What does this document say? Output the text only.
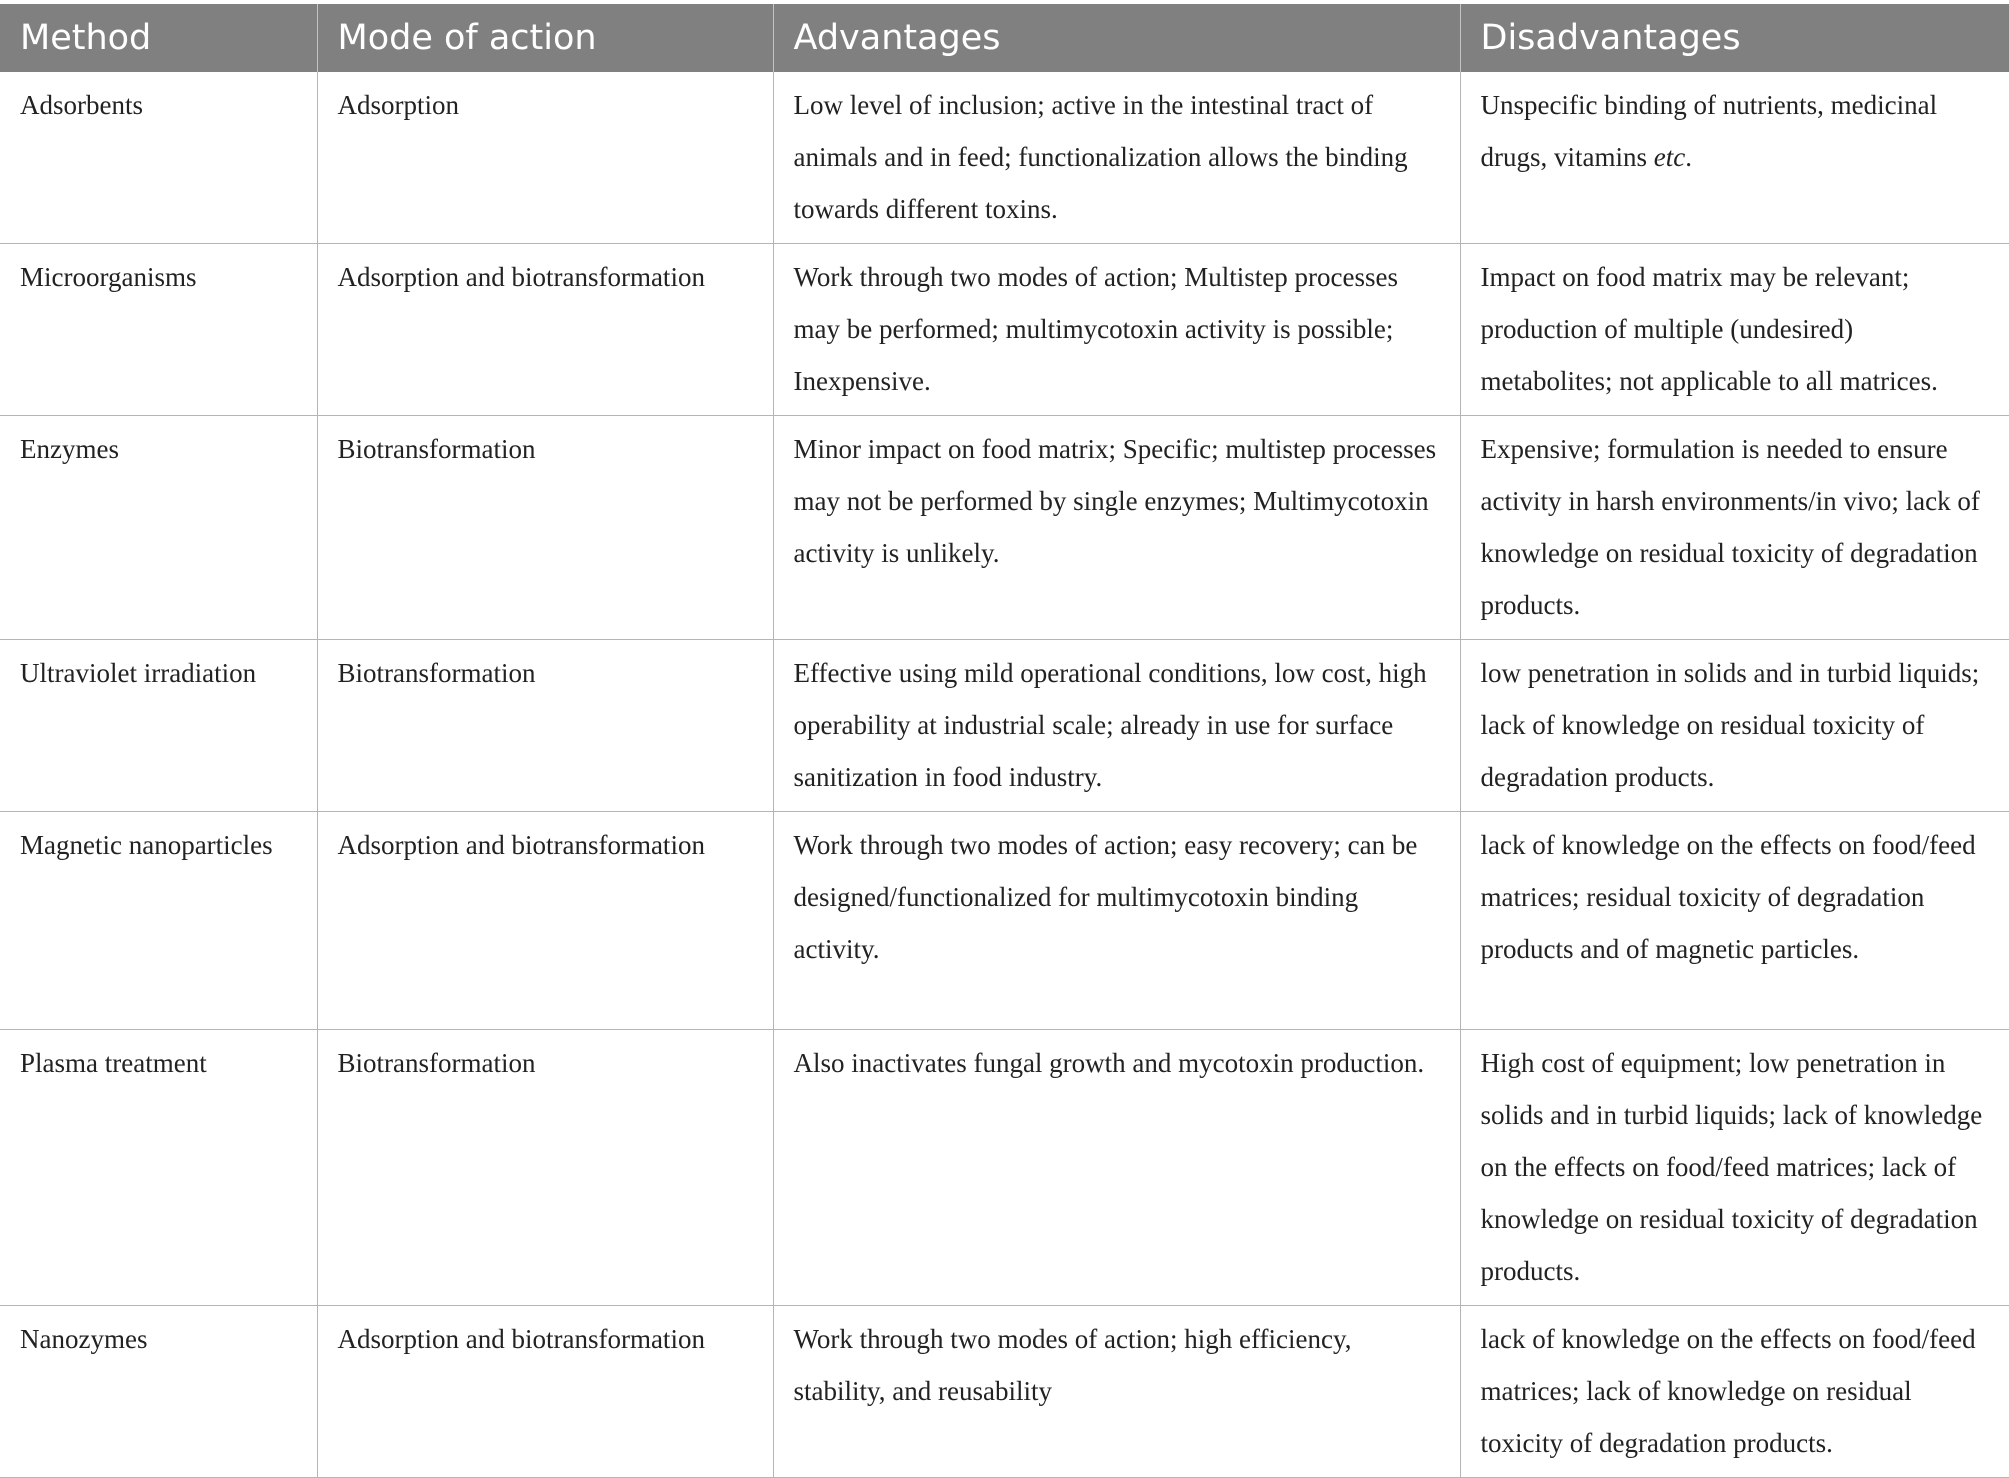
Method	Mode of action	Advantages	Disadvantages
Adsorbents	Adsorption	Low level of inclusion; active in the intestinal tract of animals and in feed; functionalization allows the binding towards different toxins.	Unspecific binding of nutrients, medicinal drugs, vitamins etc.
Microorganisms	Adsorption and biotransformation	Work through two modes of action; Multistep processes may be performed; multimycotoxin activity is possible; Inexpensive.	Impact on food matrix may be relevant; production of multiple (undesired) metabolites; not applicable to all matrices.
Enzymes	Biotransformation	Minor impact on food matrix; Specific; multistep processes may not be performed by single enzymes; Multimycotoxin activity is unlikely.	Expensive; formulation is needed to ensure activity in harsh environments/in vivo; lack of knowledge on residual toxicity of degradation products.
Ultraviolet irradiation	Biotransformation	Effective using mild operational conditions, low cost, high operability at industrial scale; already in use for surface sanitization in food industry.	low penetration in solids and in turbid liquids; lack of knowledge on residual toxicity of degradation products.
Magnetic nanoparticles	Adsorption and biotransformation	Work through two modes of action; easy recovery; can be designed/functionalized for multimycotoxin binding activity.	lack of knowledge on the effects on food/feed matrices; residual toxicity of degradation products and of magnetic particles.
Plasma treatment	Biotransformation	Also inactivates fungal growth and mycotoxin production.	High cost of equipment; low penetration in solids and in turbid liquids; lack of knowledge on the effects on food/feed matrices; lack of knowledge on residual toxicity of degradation products.
Nanozymes	Adsorption and biotransformation	Work through two modes of action; high efficiency, stability, and reusability	lack of knowledge on the effects on food/feed matrices; lack of knowledge on residual toxicity of degradation products.
